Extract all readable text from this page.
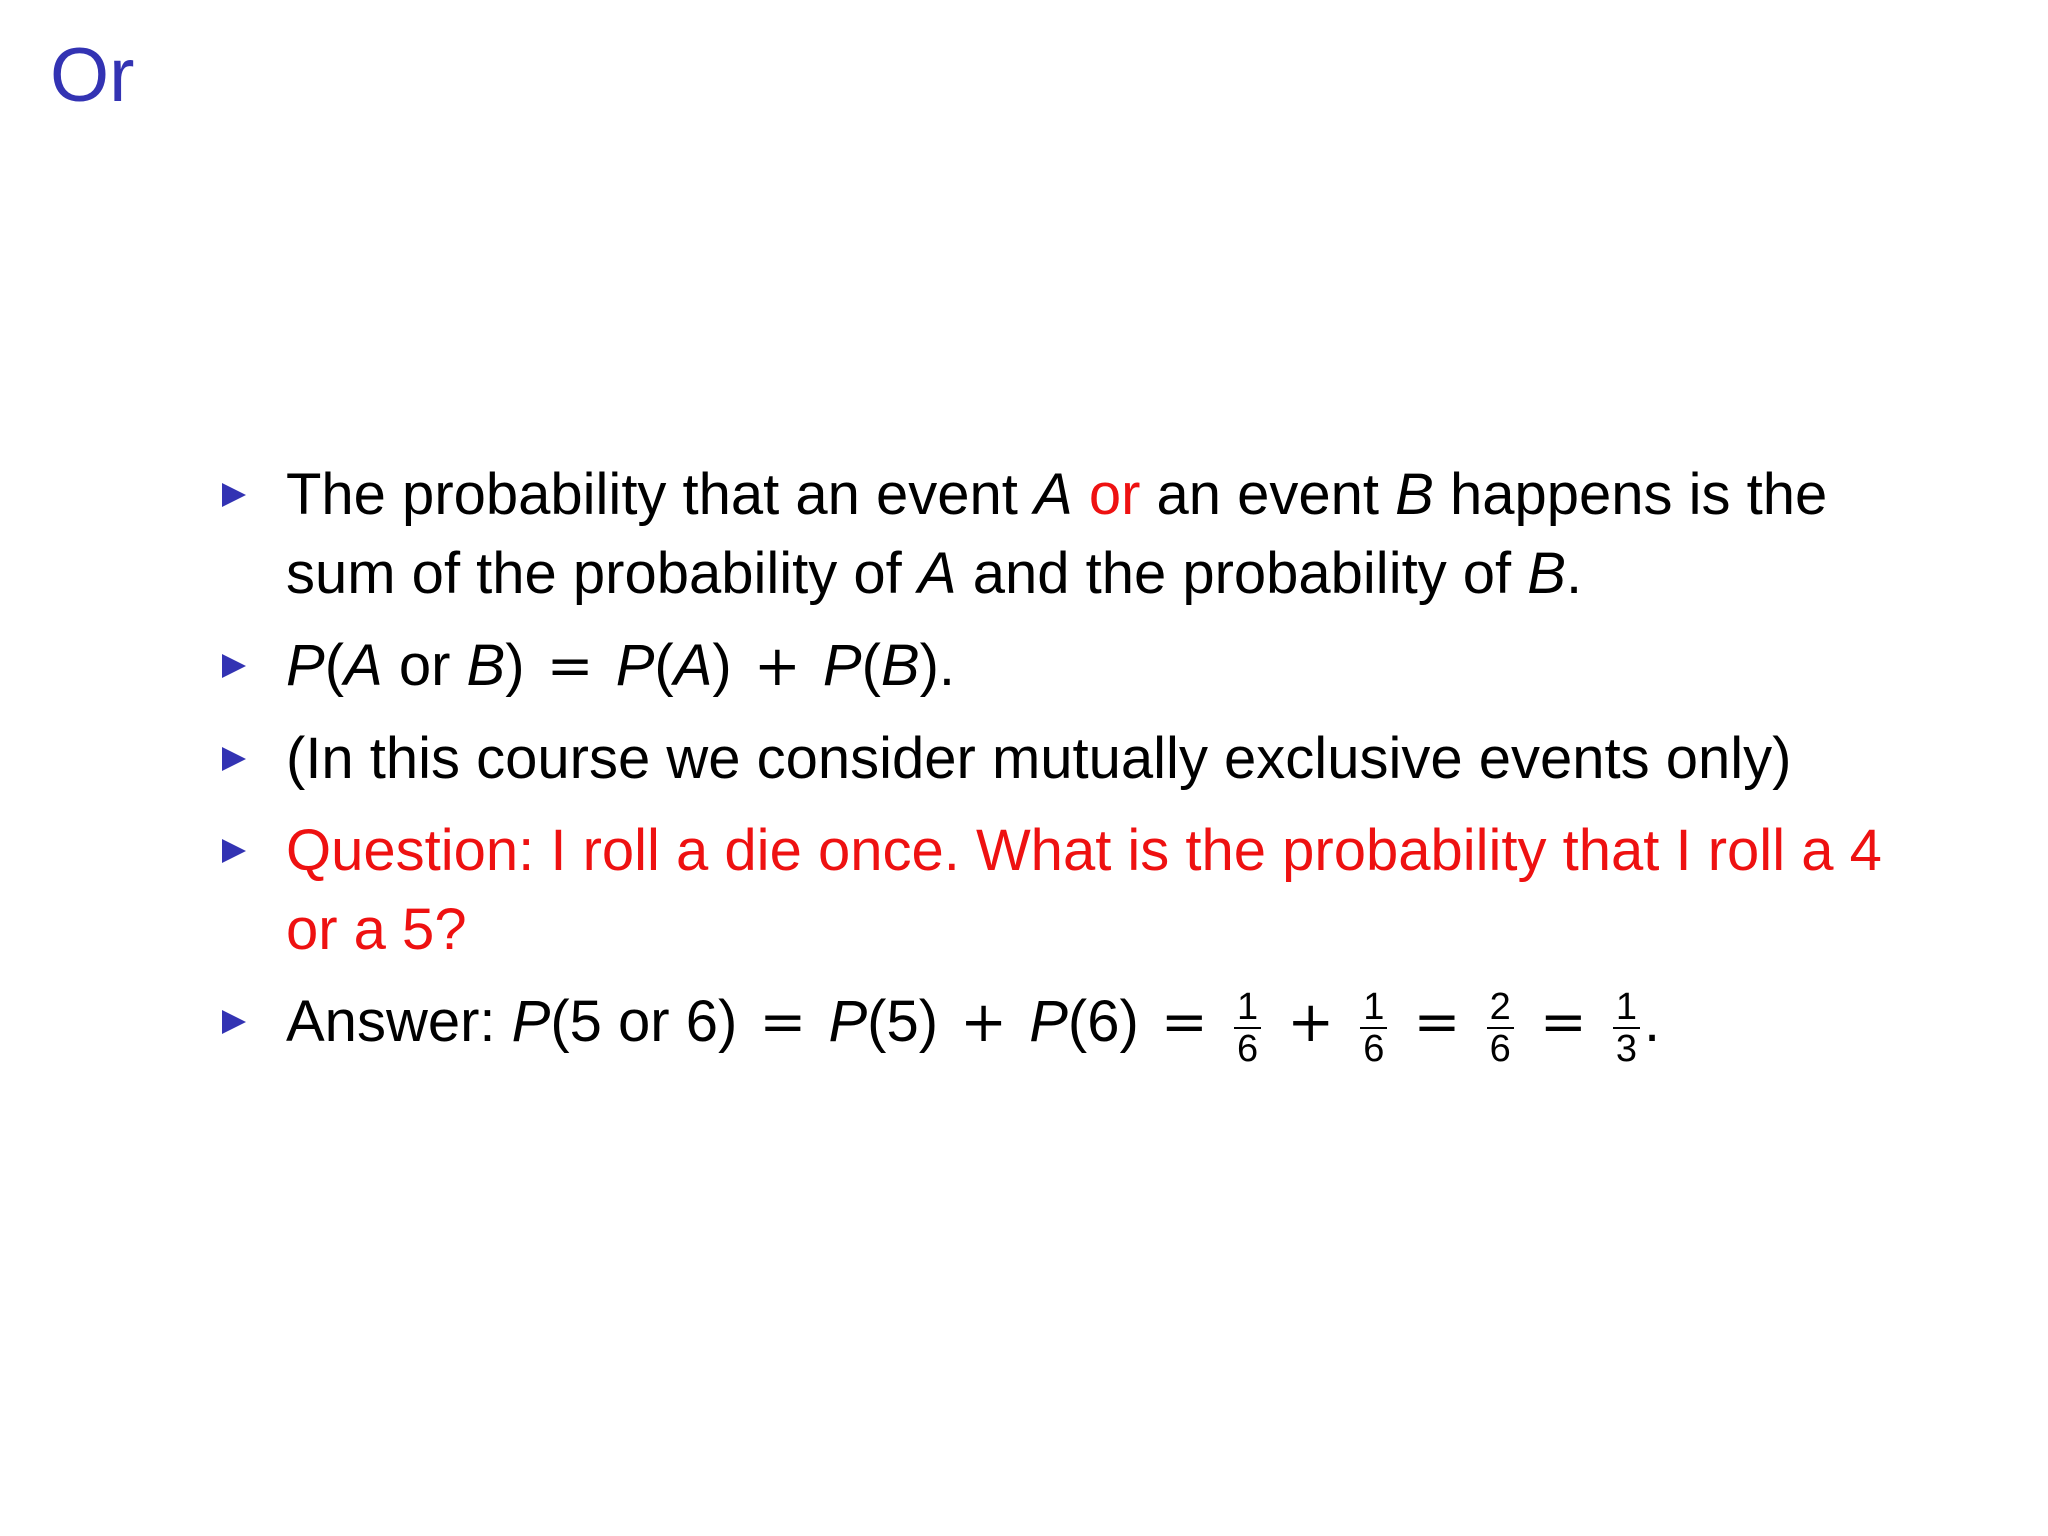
Or
The probability that an event A or an event B happens is the sum of the probability of A and the probability of B.
P(A or B) = P(A) + P(B).
(In this course we consider mutually exclusive events only)
Question: I roll a die once. What is the probability that I roll a 4 or a 5?
Answer: P(5 or $6) = P(5) + P(6) = \frac{1}{6} + \frac{1}{6} = \frac{2}{6} = \frac{1}{3}$ .
